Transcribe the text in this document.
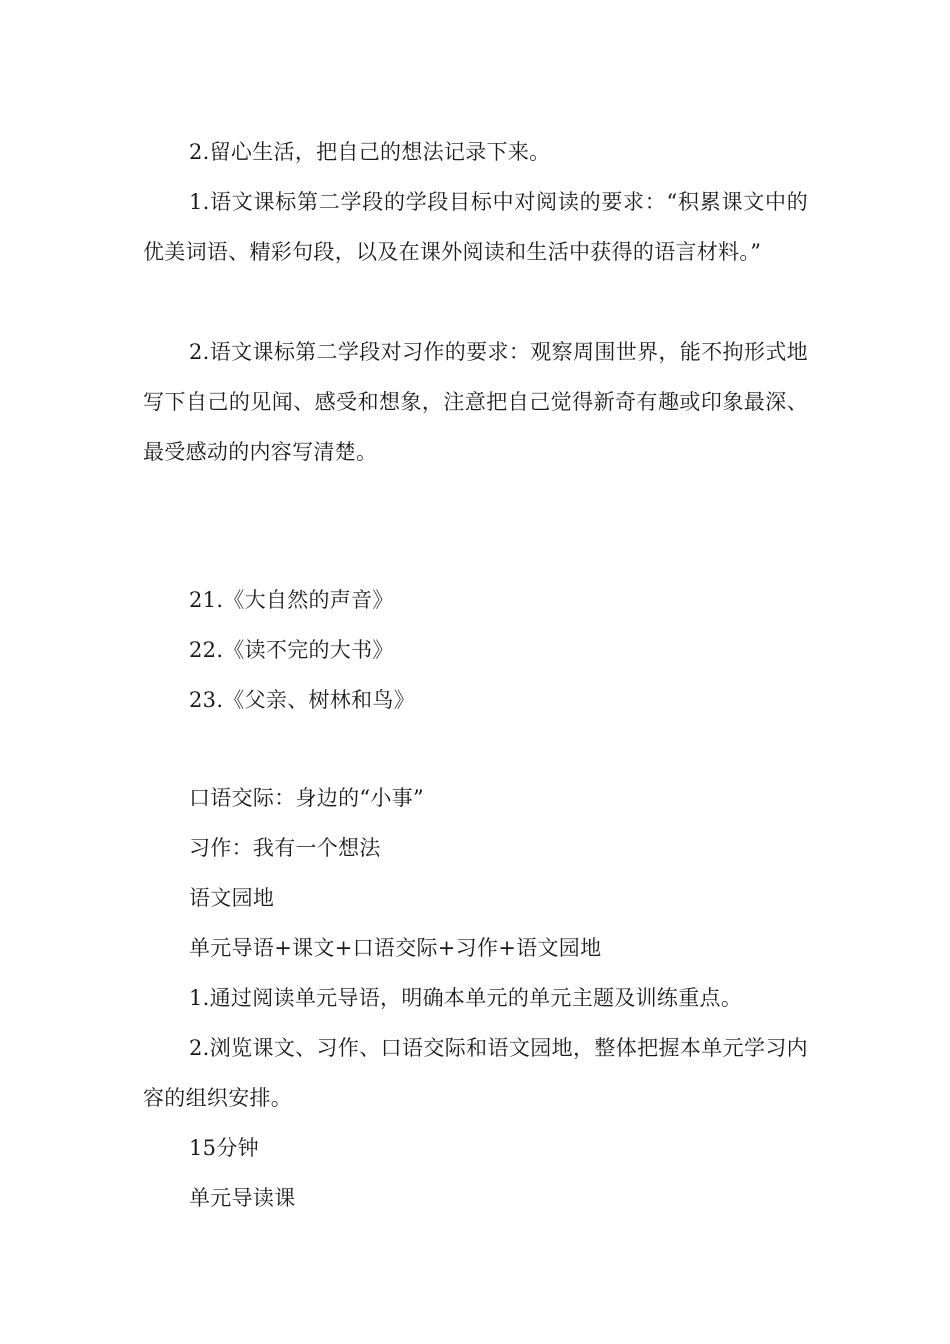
2.留心生活，把自己的想法记录下来。

1.语文课标第二学段的学段目标中对阅读的要求：“积累课文中的优美词语、精彩句段，以及在课外阅读和生活中获得的语言材料。”

2.语文课标第二学段对习作的要求：观察周围世界，能不拘形式地写下自己的见闻、感受和想象，注意把自己觉得新奇有趣或印象最深、最受感动的内容写清楚。

21.《大自然的声音》

22.《读不完的大书》

23.《父亲、树林和鸟》

口语交际：身边的“小事”

习作：我有一个想法

语文园地

单元导语+课文+口语交际+习作+语文园地

1.通过阅读单元导语，明确本单元的单元主题及训练重点。

2.浏览课文、习作、口语交际和语文园地，整体把握本单元学习内容的组织安排。

15分钟

单元导读课
